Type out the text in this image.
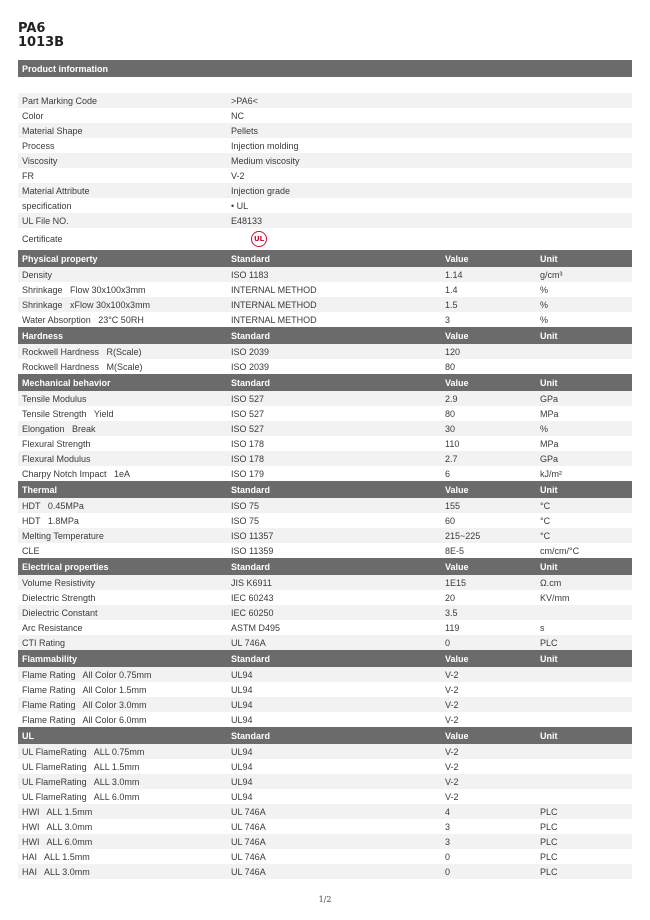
PA6
1013B
Product information
Part Marking Code	>PA6<
Color	NC
Material Shape	Pellets
Process	Injection molding
Viscosity	Medium viscosity
FR	V-2
Material Attribute	Injection grade
specification	• UL
UL File NO.	E48133
Certificate	UL

Physical property	Standard	Value	Unit
Density	ISO 1183	1.14	g/cm³
Shrinkage   Flow 30x100x3mm	INTERNAL METHOD	1.4	%
Shrinkage   xFlow 30x100x3mm	INTERNAL METHOD	1.5	%
Water Absorption   23°C 50RH	INTERNAL METHOD	3	%
Hardness	Standard	Value	Unit
Rockwell Hardness   R(Scale)	ISO 2039	120
Rockwell Hardness   M(Scale)	ISO 2039	80
Mechanical behavior	Standard	Value	Unit
Tensile Modulus	ISO 527	2.9	GPa
Tensile Strength   Yield	ISO 527	80	MPa
Elongation   Break	ISO 527	30	%
Flexural Strength	ISO 178	110	MPa
Flexural Modulus	ISO 178	2.7	GPa
Charpy Notch Impact   1eA	ISO 179	6	kJ/m²
Thermal	Standard	Value	Unit
HDT   0.45MPa	ISO 75	155	°C
HDT   1.8MPa	ISO 75	60	°C
Melting Temperature	ISO 11357	215~225	°C
CLE	ISO 11359	8E-5	cm/cm/°C
Electrical properties	Standard	Value	Unit
Volume Resistivity	JIS K6911	1E15	Ω.cm
Dielectric Strength	IEC 60243	20	KV/mm
Dielectric Constant	IEC 60250	3.5
Arc Resistance	ASTM D495	119	s
CTI Rating	UL 746A	0	PLC
Flammability	Standard	Value	Unit
Flame Rating   All Color 0.75mm	UL94	V-2
Flame Rating   All Color 1.5mm	UL94	V-2
Flame Rating   All Color 3.0mm	UL94	V-2
Flame Rating   All Color 6.0mm	UL94	V-2
UL	Standard	Value	Unit
UL FlameRating   ALL 0.75mm	UL94	V-2
UL FlameRating   ALL 1.5mm	UL94	V-2
UL FlameRating   ALL 3.0mm	UL94	V-2
UL FlameRating   ALL 6.0mm	UL94	V-2
HWI   ALL 1.5mm	UL 746A	4	PLC
HWI   ALL 3.0mm	UL 746A	3	PLC
HWI   ALL 6.0mm	UL 746A	3	PLC
HAI   ALL 1.5mm	UL 746A	0	PLC
HAI   ALL 3.0mm	UL 746A	0	PLC
1/2
